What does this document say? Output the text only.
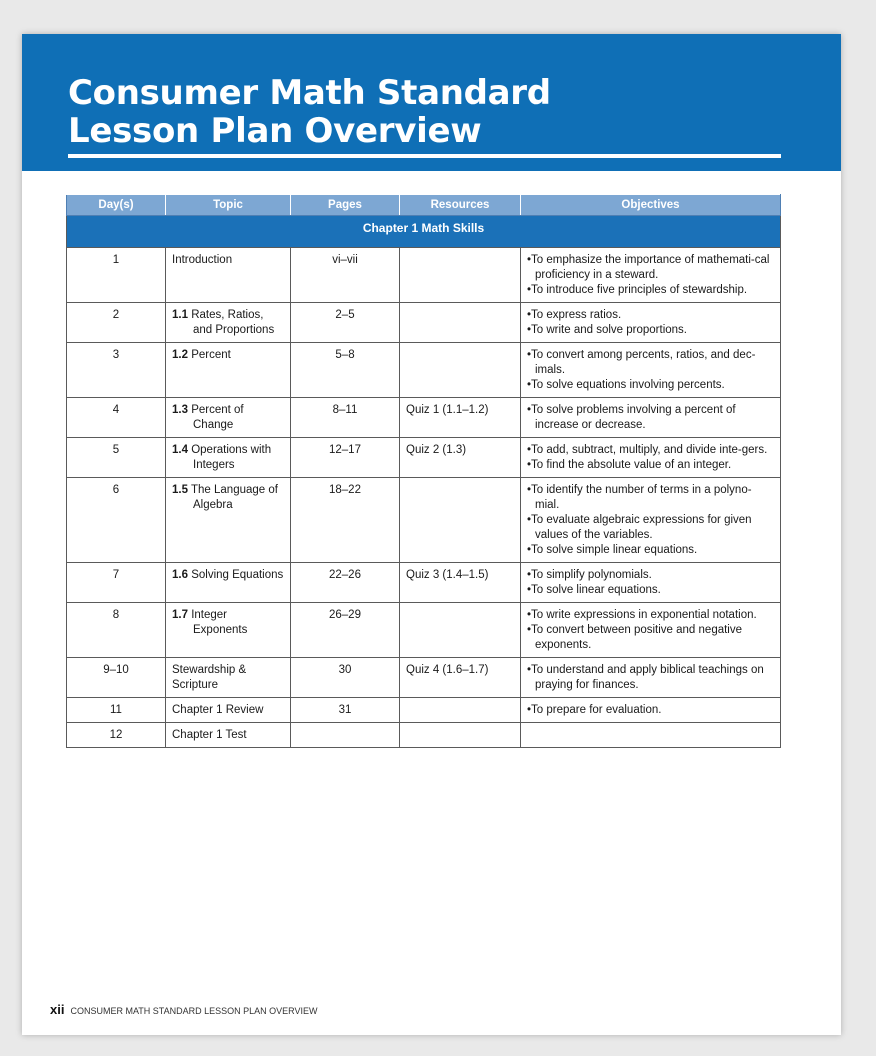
Consumer Math Standard
Lesson Plan Overview
Day(s)	Topic	Pages	Resources	Objectives
Chapter 1 Math Skills				
1	Introduction	vi–vii		• To emphasize the importance of mathemati-cal proficiency in a steward.
• To introduce five principles of stewardship.

2	1.1 Rates, Ratios, and Proportions	2–5		• To express ratios.
• To write and solve proportions.

3	1.2 Percent	5–8		• To convert among percents, ratios, and dec-imals.
• To solve equations involving percents.

4	1.3 Percent of Change	8–11	Quiz 1 (1.1–1.2)	• To solve problems involving a percent of increase or decrease.

5	1.4 Operations with Integers	12–17	Quiz 2 (1.3)	• To add, subtract, multiply, and divide inte-gers.
• To find the absolute value of an integer.

6	1.5 The Language of Algebra	18–22		• To identify the number of terms in a polyno-mial.
• To evaluate algebraic expressions for given values of the variables.
• To solve simple linear equations.

7	1.6 Solving Equations	22–26	Quiz 3 (1.4–1.5)	• To simplify polynomials.
• To solve linear equations.

8	1.7 Integer Exponents	26–29		• To write expressions in exponential notation.
• To convert between positive and negative exponents.

9–10	Stewardship & Scripture	30	Quiz 4 (1.6–1.7)	• To understand and apply biblical teachings on praying for finances.

11	Chapter 1 Review	31		• To prepare for evaluation.

12	Chapter 1 Test			

xii CONSUMER MATH STANDARD LESSON PLAN OVERVIEW
